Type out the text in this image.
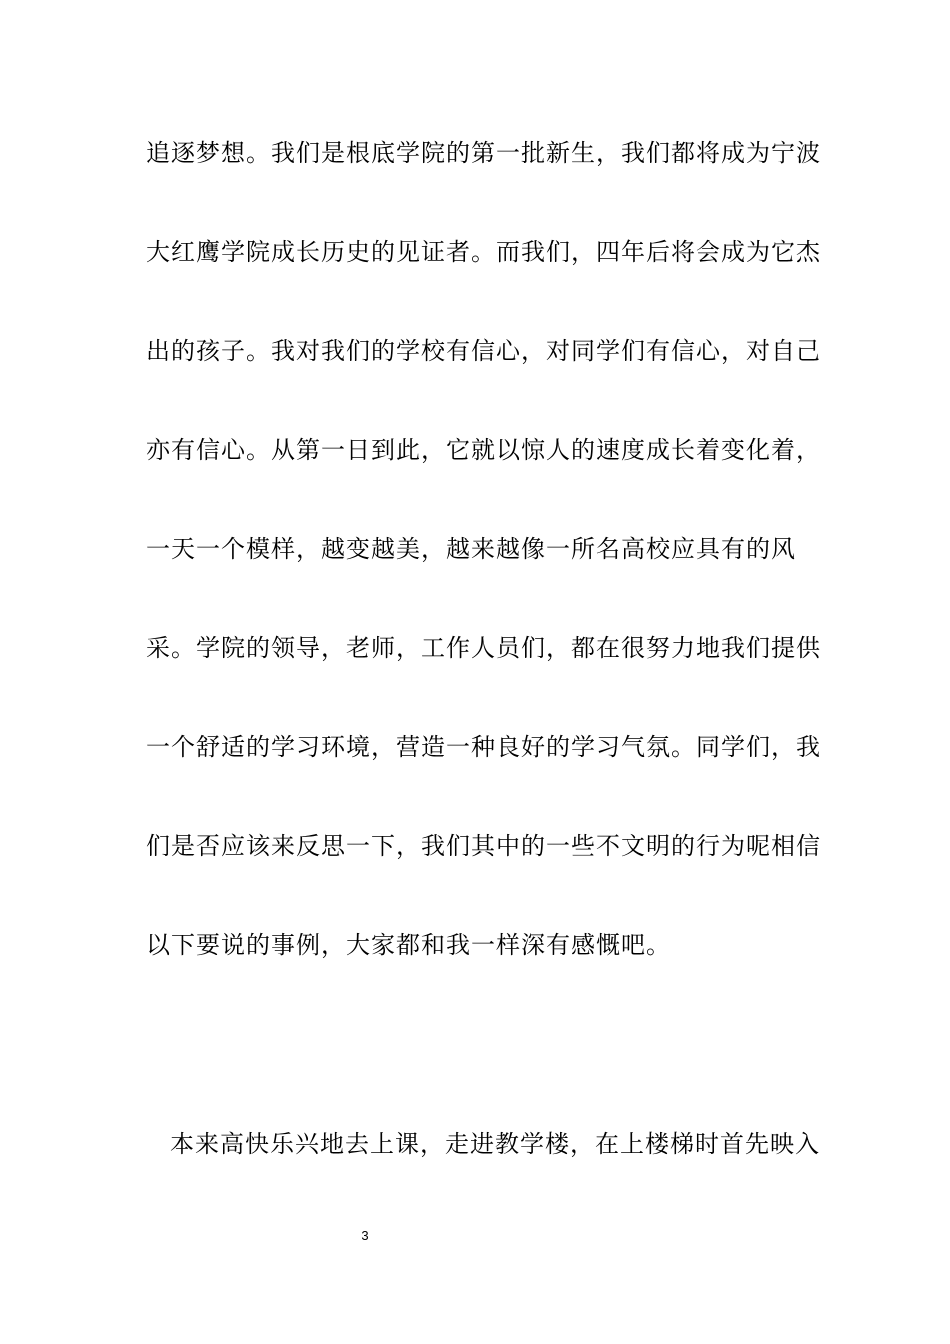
追逐梦想。我们是根底学院的第一批新生，我们都将成为宁波
大红鹰学院成长历史的见证者。而我们，四年后将会成为它杰
出的孩子。我对我们的学校有信心，对同学们有信心，对自己
亦有信心。从第一日到此，它就以惊人的速度成长着变化着，
一天一个模样，越变越美，越来越像一所名高校应具有的风
采。学院的领导，老师，工作人员们，都在很努力地我们提供
一个舒适的学习环境，营造一种良好的学习气氛。同学们，我
们是否应该来反思一下，我们其中的一些不文明的行为呢相信
以下要说的事例，大家都和我一样深有感慨吧。
本来高快乐兴地去上课，走进教学楼，在上楼梯时首先映入
3
